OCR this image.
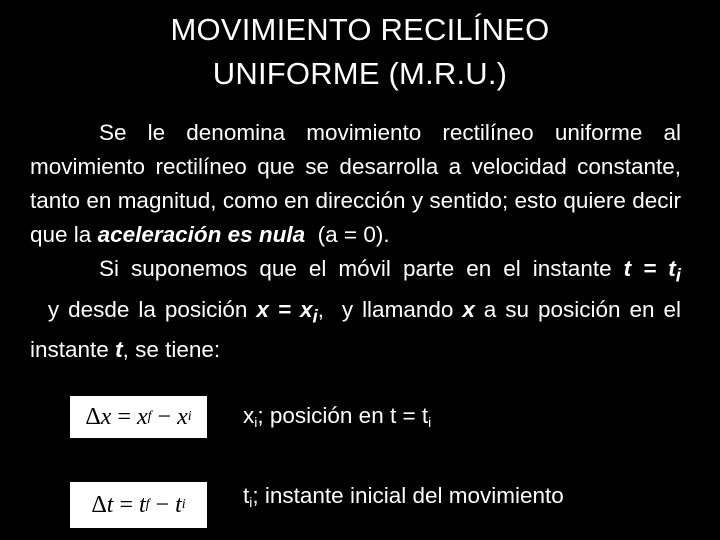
MOVIMIENTO RECILÍNEO
UNIFORME (M.R.U.)

Se le denomina movimiento rectilíneo uniforme al movimiento rectilíneo que se desarrolla a velocidad constante, tanto en magnitud, como en dirección y sentido; esto quiere decir que la aceleración es nula  (a = 0).

Si suponemos que el móvil parte en el instante $t = t_i$  y desde la posición $x = x_i$,  y llamando x a su posición en el instante t, se tiene:

Δ x = x f − x i
Δ t = t f − t i
$x_i$; posición en $t = t_i$
$t_i$; instante inicial del movimiento
